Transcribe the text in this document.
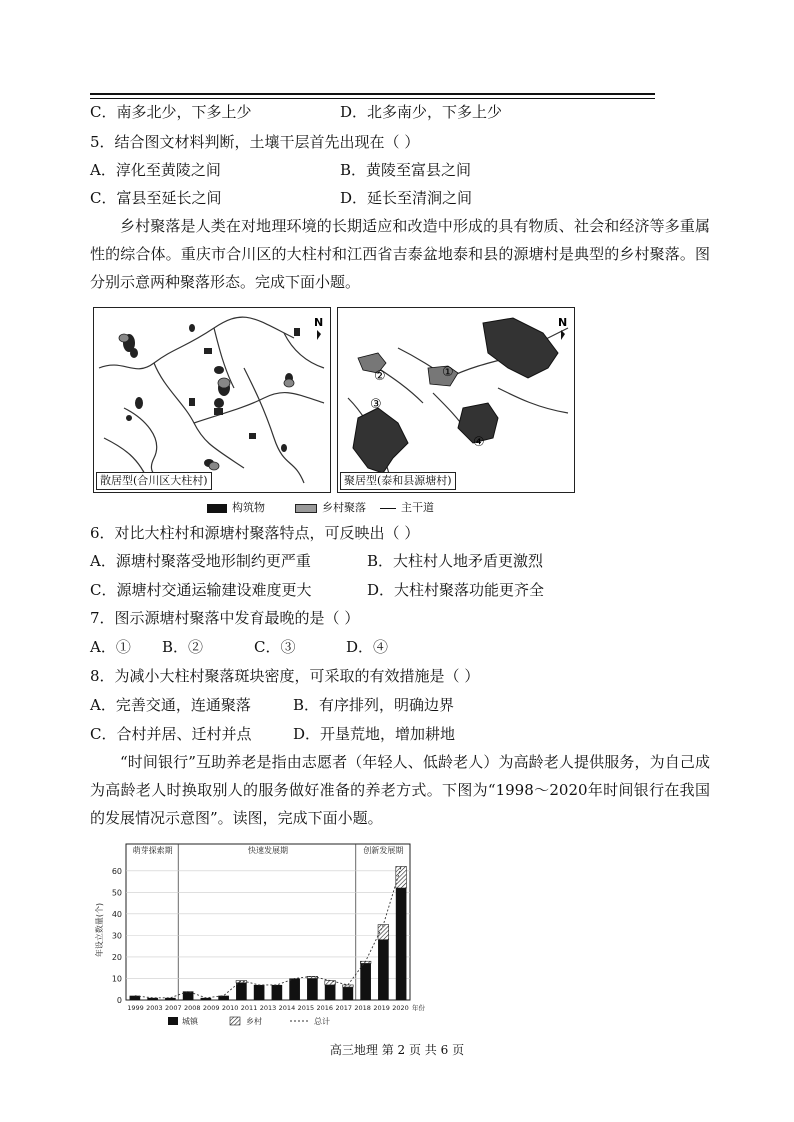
C．南多北少，下多上少	D．北多南少，下多上少
5．结合图文材料判断，土壤干层首先出现在（ ）
A．淳化至黄陵之间	B．黄陵至富县之间
C．富县至延长之间	D．延长至清涧之间
乡村聚落是人类在对地理环境的长期适应和改造中形成的具有物质、社会和经济等多重属性的综合体。重庆市合川区的大柱村和江西省吉泰盆地泰和县的源塘村是典型的乡村聚落。图分别示意两种聚落形态。完成下面小题。
N
散居型(合川区大柱村)
①
②
③
④
N
聚居型(泰和县源塘村)
构筑物	乡村聚落	主干道
6．对比大柱村和源塘村聚落特点，可反映出（ ）
A．源塘村聚落受地形制约更严重	B．大柱村人地矛盾更激烈
C．源塘村交通运输建设难度更大	D．大柱村聚落功能更齐全
7．图示源塘村聚落中发育最晚的是（ ）
A．① B．②	C．③	D．④
8．为减小大柱村聚落斑块密度，可采取的有效措施是（ ）
A．完善交通，连通聚落	B．有序排列，明确边界
C．合村并居、迁村并点	D．开垦荒地，增加耕地
“时间银行”互助养老是指由志愿者（年轻人、低龄老人）为高龄老人提供服务，为自己成为高龄老人时换取别人的服务做好准备的养老方式。下图为“1998～2020年时间银行在我国的发展情况示意图”。读图，完成下面小题。
萌芽探索期	快速发展期	创新发展期
0
10
20
30
40
50
60
年设立数量(个)
1999 2003 2007 2008 2009 2010 2011 2013 2014 2015 2016 2017 2018 2019 2020 年份
城镇	乡村	总计
高三地理 第 2 页 共 6 页
